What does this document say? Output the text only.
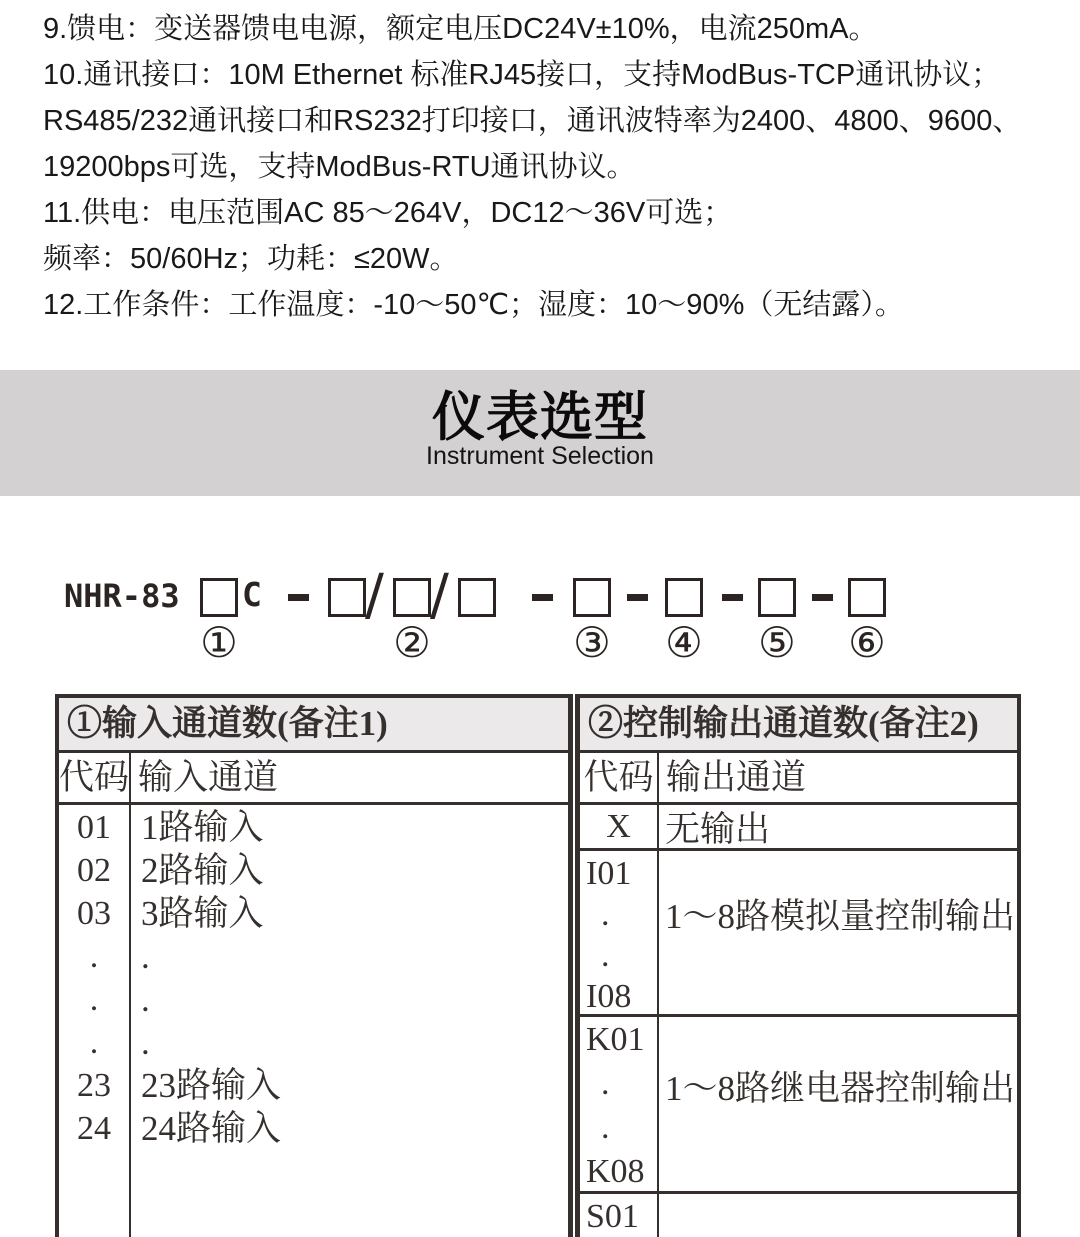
9.馈电：变送器馈电电源，额定电压DC24V±10%，电流250mA。

10.通讯接口：10M Ethernet 标准RJ45接口，支持ModBus-TCP通讯协议；

RS485/232通讯接口和RS232打印接口，通讯波特率为2400、4800、9600、

19200bps可选，支持ModBus-RTU通讯协议。

11.供电：电压范围AC 85～264V，DC12～36V可选；

频率：50/60Hz；功耗：≤20W。

12.工作条件：工作温度：-10～50℃；湿度：10～90%（无结露）。

仪表选型
Instrument Selection
NHR-83 C / /
①	②	③ ④ ⑤ ⑥
①输入通道数(备注1)
代码 输入通道
01
02
03
.
.
.
23
24
1路输入
2路输入
3路输入
.
.
.
23路输入
24路输入
②控制输出通道数(备注2)
代码 输出通道
X 无输出
I01
.
.
I08
1～8路模拟量控制输出
K01
.
.
K08
1～8路继电器控制输出
S01
